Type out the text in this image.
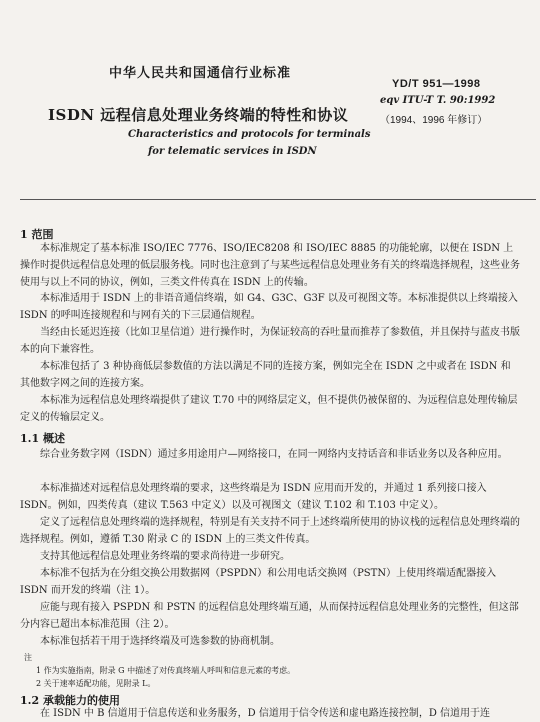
中华人民共和国通信行业标准
YD/T 951—1998
eqv ITU-T T. 90:1992
（1994、1996 年修订）
ISDN 远程信息处理业务终端的特性和协议
Characteristics and protocols for terminals
for telematic services in ISDN
1 范围
本标准规定了基本标准 ISO/IEC 7776、ISO/IEC8208 和 ISO/IEC 8885 的功能轮廓，以便在 ISDN 上操作时提供远程信息处理的低层服务栈。同时也注意到了与某些远程信息处理业务有关的终端选择规程，这些业务使用与以上不同的协议，例如，三类文件传真在 ISDN 上的传输。
本标准适用于 ISDN 上的非语音通信终端，如 G4、G3C、G3F 以及可视图文等。本标准提供以上终端接入 ISDN 的呼叫连接规程和与网有关的下三层通信规程。
当经由长延迟连接（比如卫星信道）进行操作时，为保证较高的吞吐量而推荐了参数值，并且保持与蓝皮书版本的向下兼容性。
本标准包括了 3 种协商低层参数值的方法以满足不同的连接方案，例如完全在 ISDN 之中或者在 ISDN 和其他数字网之间的连接方案。
本标准为远程信息处理终端提供了建议 T.70 中的网络层定义，但不提供仍被保留的、为远程信息处理传输层定义的传输层定义。
1.1 概述
综合业务数字网（ISDN）通过多用途用户—网络接口，在同一网络内支持话音和非话业务以及各种应用。
本标准描述对远程信息处理终端的要求，这些终端是为 ISDN 应用而开发的，并通过 1 系列接口接入 ISDN。例如，四类传真（建议 T.563 中定义）以及可视图文（建议 T.102 和 T.103 中定义）。
定义了远程信息处理终端的选择规程，特别是有关支持不同于上述终端所使用的协议栈的远程信息处理终端的选择规程。例如，遵循 T.30 附录 C 的 ISDN 上的三类文件传真。
支持其他远程信息处理业务终端的要求尚待进一步研究。
本标准不包括为在分组交换公用数据网（PSPDN）和公用电话交换网（PSTN）上使用终端适配器接入 ISDN 而开发的终端（注 1）。
应能与现有接入 PSPDN 和 PSTN 的远程信息处理终端互通，从而保持远程信息处理业务的完整性，但这部分内容已超出本标准范围（注 2）。
本标准包括若干用于选择终端及可选参数的协商机制。
注
1 作为实施指南，附录 G 中描述了对传真终端人呼叫和信息元素的考虑。
2 关于速率适配功能，见附录 L。
1.2 承载能力的使用
在 ISDN 中 B 信道用于信息传送和业务服务，D 信道用于信令传送和虚电路连接控制，D 信道用于连
